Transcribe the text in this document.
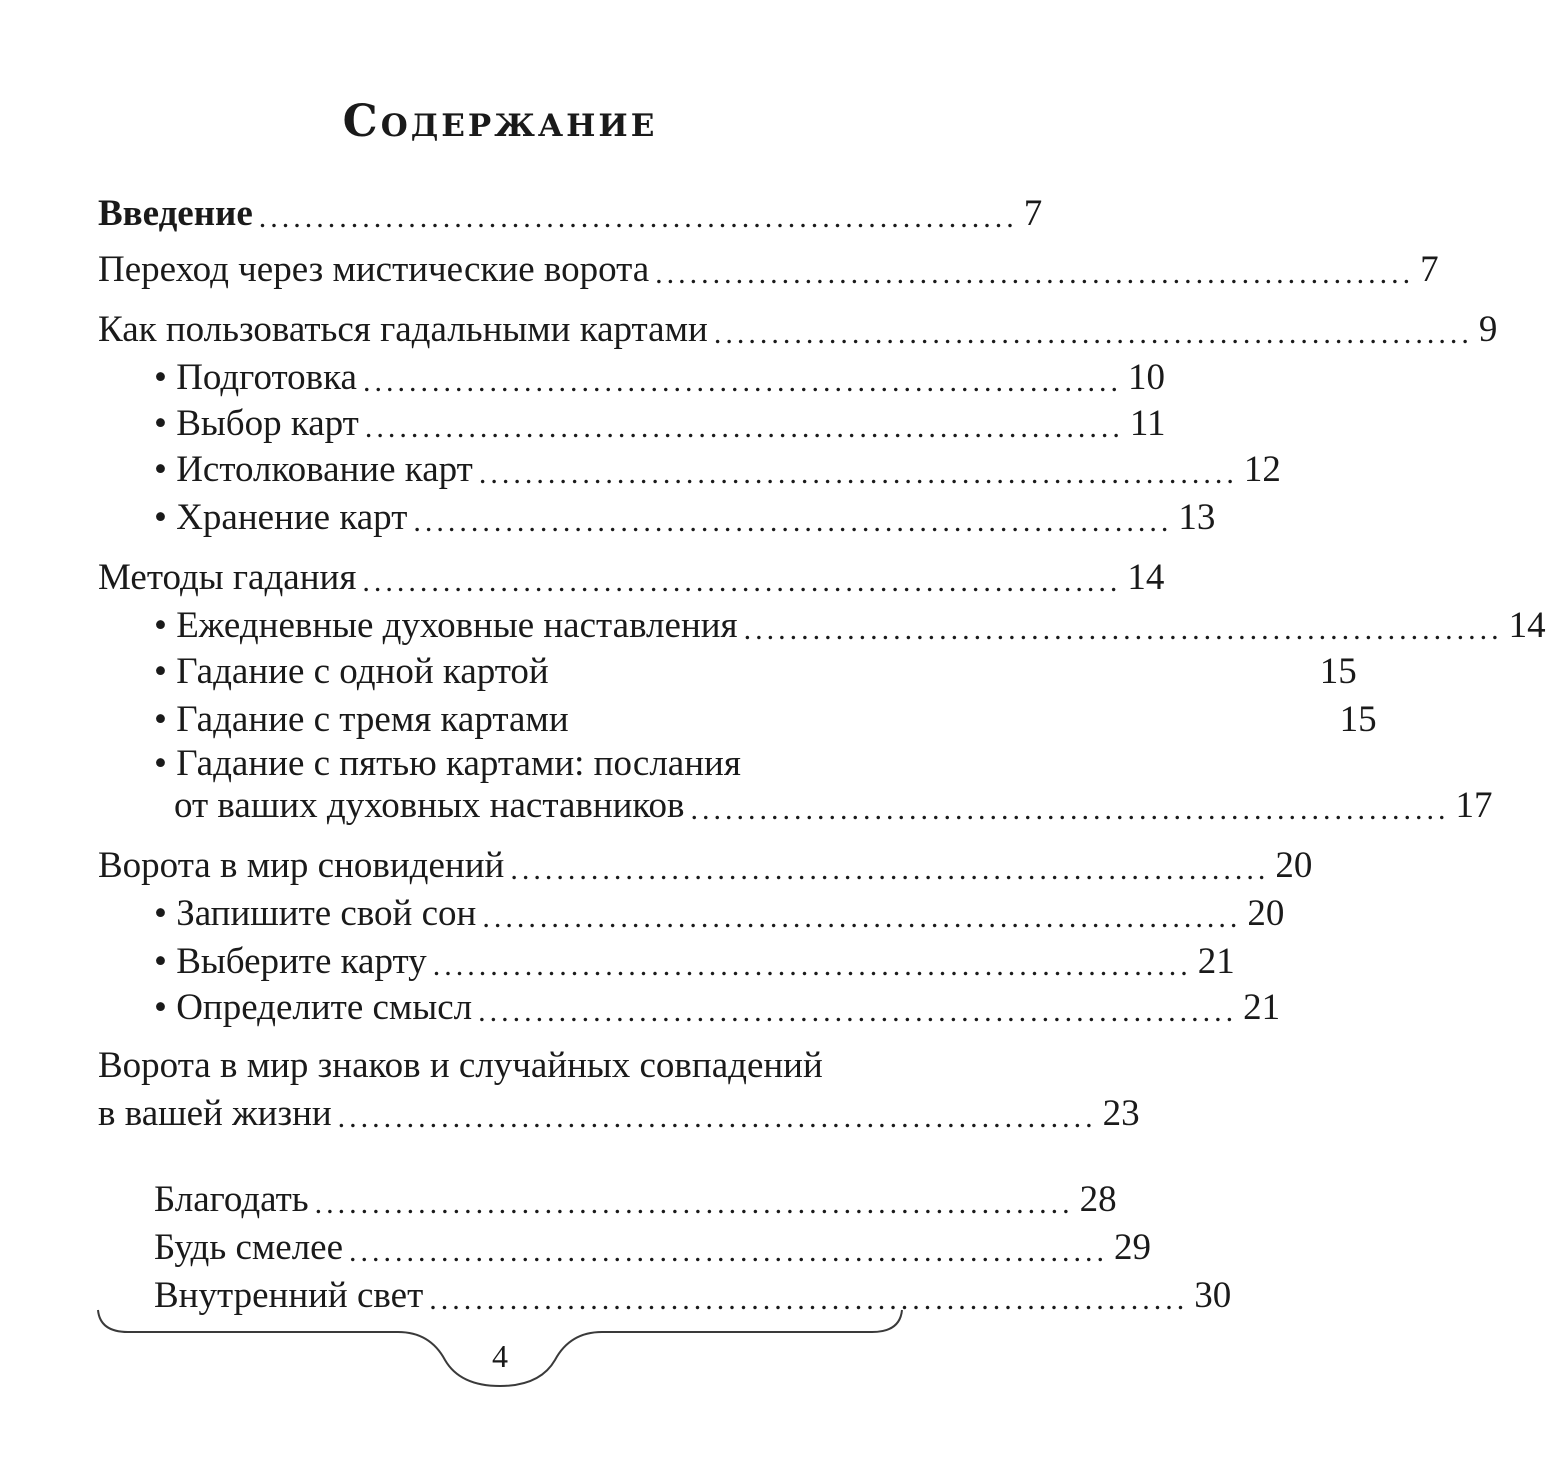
Содержание
Введение .................................................................. 7
Переход через мистические ворота .................................................................. 7
Как пользоваться гадальными картами .................................................................. 9
• Подготовка .................................................................. 10
• Выбор карт .................................................................. 11
• Истолкование карт .................................................................. 12
• Хранение карт .................................................................. 13
Методы гадания .................................................................. 14
• Ежедневные духовные наставления .................................................................. 14
• Гадание с одной картой	15
• Гадание с тремя картами	15
• Гадание с пятью картами: послания
от ваших духовных наставников .................................................................. 17
Ворота в мир сновидений .................................................................. 20
• Запишите свой сон .................................................................. 20
• Выберите карту .................................................................. 21
• Определите смысл .................................................................. 21
Ворота в мир знаков и случайных совпадений
в вашей жизни .................................................................. 23
Благодать .................................................................. 28
Будь смелее .................................................................. 29
Внутренний свет .................................................................. 30
4
